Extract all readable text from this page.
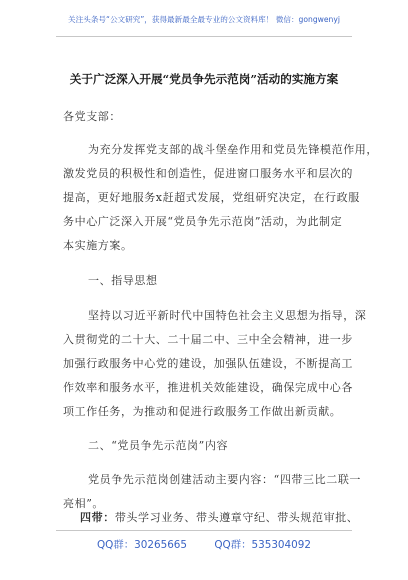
关注头条号“公文研究”，获得最新最全最专业的公文资料库！ 微信：gongwenyj
关于广泛深入开展“党员争先示范岗”活动的实施方案
各党支部：
为充分发挥党支部的战斗堡垒作用和党员先锋模范作用，
激发党员的积极性和创造性，促进窗口服务水平和层次的
提高，更好地服务x赶超式发展，党组研究决定，在行政服
务中心广泛深入开展“党员争先示范岗”活动，为此制定
本实施方案。
一、指导思想
坚持以习近平新时代中国特色社会主义思想为指导，深
入贯彻党的二十大、二十届二中、三中全会精神，进一步
加强行政服务中心党的建设，加强队伍建设，不断提高工
作效率和服务水平，推进机关效能建设，确保完成中心各
项工作任务，为推动和促进行政服务工作做出新贡献。
二、“党员争先示范岗”内容
党员争先示范岗创建活动主要内容：“四带三比二联一
亮相”。
QQ群：30265665	QQ群：535304092
四带：带头学习业务、带头遵章守纪、带头规范审批、
